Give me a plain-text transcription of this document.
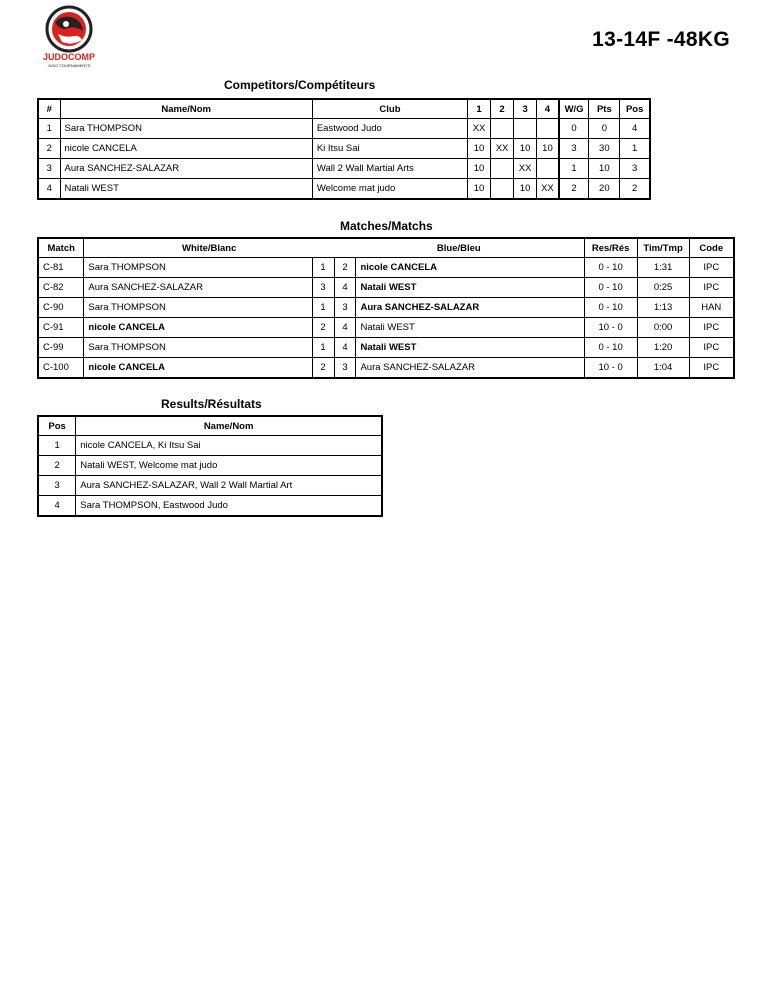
JUDOCOMP
JUDO TOURNAMENTS
13-14F -48KG
Competitors/Compétiteurs
#	Name/Nom	Club	1	2	3	4	W/G	Pts	Pos
1	Sara THOMPSON	Eastwood Judo	XX				0	0	4
2	nicole CANCELA	Ki Itsu Sai	10	XX	10	10	3	30	1
3	Aura SANCHEZ-SALAZAR	Wall 2 Wall Martial Arts	10		XX		1	10	3
4	Natali WEST	Welcome mat judo	10		10	XX	2	20	2
Matches/Matchs
Match	White/Blanc		Blue/Bleu		Res/Rés	Tim/Tmp	Code
C-81	Sara THOMPSON	1	2	nicole CANCELA	0 - 10	1:31	IPC
C-82	Aura SANCHEZ-SALAZAR	3	4	Natali WEST	0 - 10	0:25	IPC
C-90	Sara THOMPSON	1	3	Aura SANCHEZ-SALAZAR	0 - 10	1:13	HAN
C-91	nicole CANCELA	2	4	Natali WEST	10 - 0	0:00	IPC
C-99	Sara THOMPSON	1	4	Natali WEST	0 - 10	1:20	IPC
C-100	nicole CANCELA	2	3	Aura SANCHEZ-SALAZAR	10 - 0	1:04	IPC
Results/Résultats
Pos	Name/Nom
1	nicole CANCELA, Ki Itsu Sai
2	Natali WEST, Welcome mat judo
3	Aura SANCHEZ-SALAZAR, Wall 2 Wall Martial Art
4	Sara THOMPSON, Eastwood Judo
